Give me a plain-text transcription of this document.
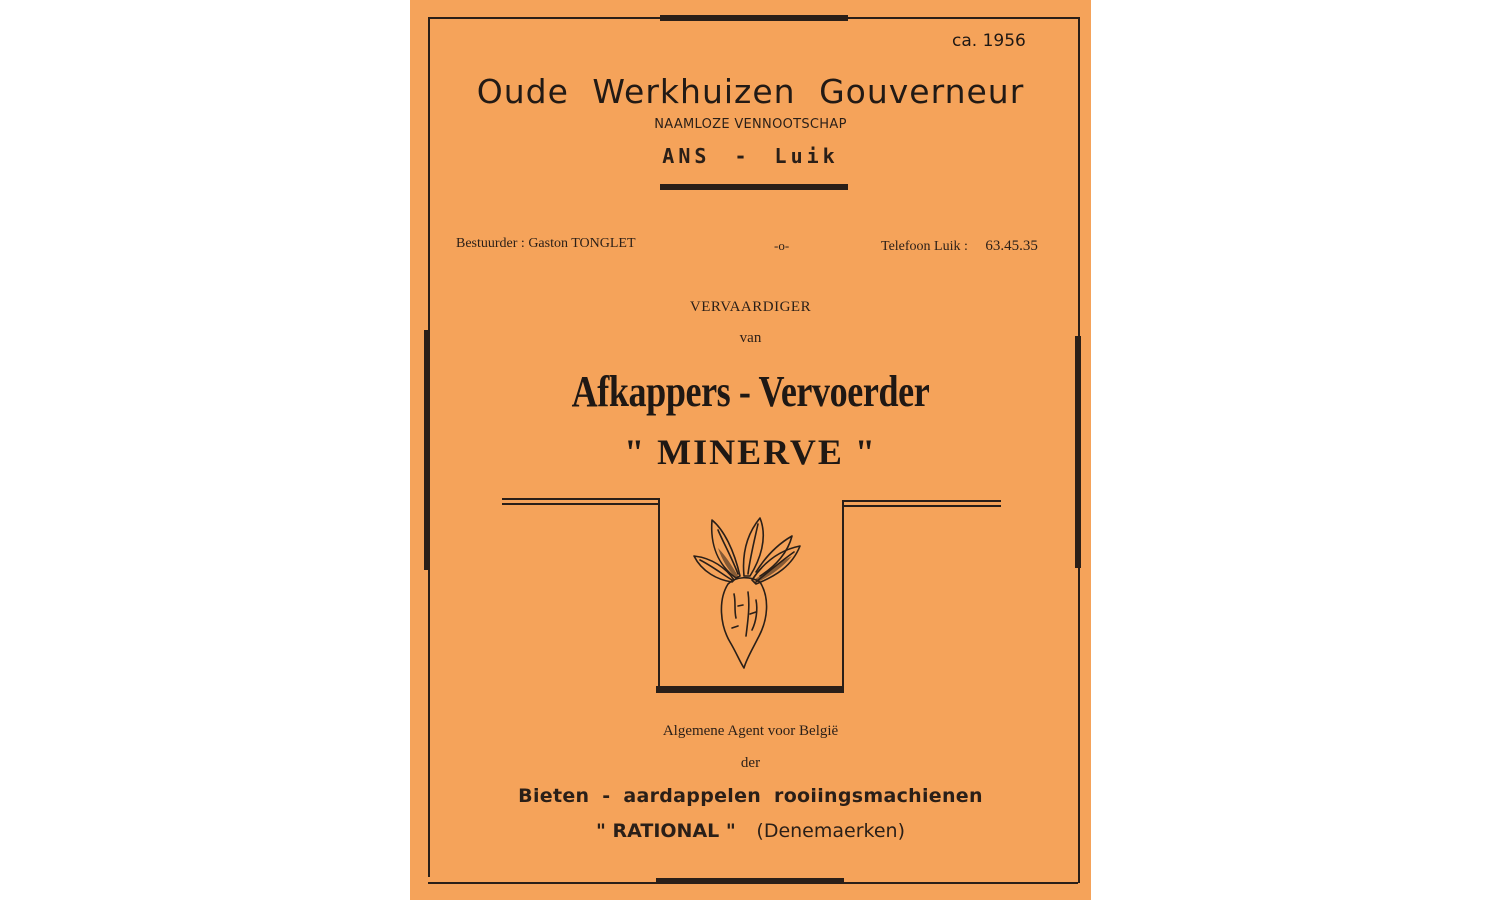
ca. 1956
Oude Werkhuizen Gouverneur
NAAMLOZE VENNOOTSCHAP
ANS - Luik
Bestuurder : Gaston TONGLET	-o-	Telefoon Luik : 63.45.35
VERVAARDIGER
van
Afkappers - Vervoerder
" MINERVE "
Algemene Agent voor België
der
Bieten - aardappelen rooiingsmachienen
" RATIONAL " (Denemaerken)
